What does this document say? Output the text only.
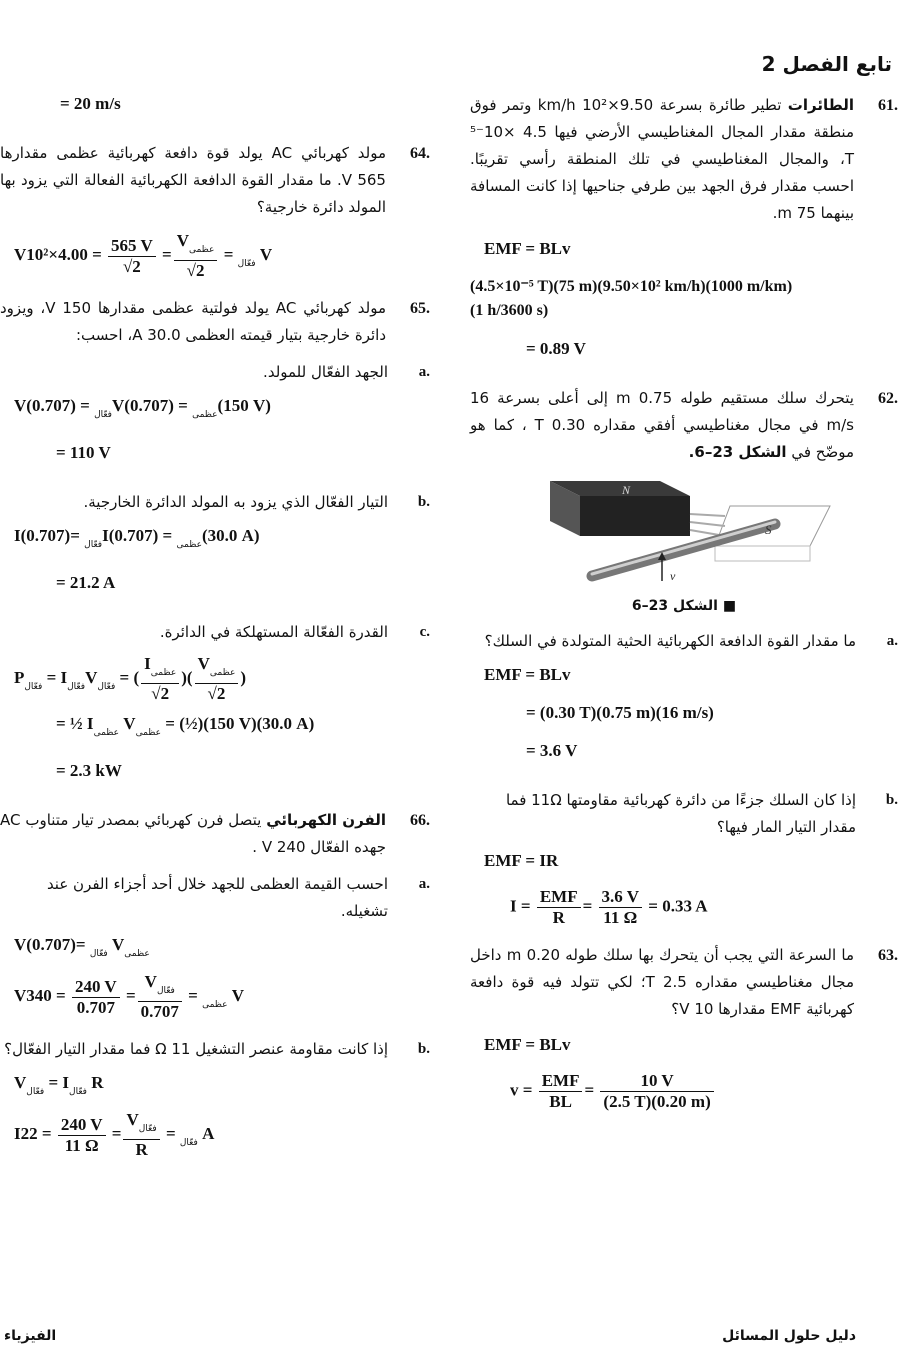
تابع الفصل 2
.61
الطائرات تطير طائرة بسرعة 9.50×10² km/h وتمر فوق منطقة مقدار المجال المغناطيسي الأرضي فيها 4.5 ×10⁻⁵ T، والمجال المغناطيسي في تلك المنطقة رأسي تقريبًا. احسب مقدار فرق الجهد بين طرفي جناحيها إذا كانت المسافة بينهما 75 m.
EMF = BLv
(4.5×10⁻⁵ T)(75 m)(9.50×10² km/h)(1000 m/km)
(1 h/3600 s)
= 0.89 V
.62
يتحرك سلك مستقيم طوله 0.75 m إلى أعلى بسرعة 16 m/s في مجال مغناطيسي أفقي مقداره 0.30 T ، كما هو موضّح في الشكل 23–6.
N
S
v
■ الشكل 23–6
.a
ما مقدار القوة الدافعة الكهربائية الحثية المتولدة في السلك؟
EMF = BLv
= (0.30 T)(0.75 m)(16 m/s)
= 3.6 V
.b
إذا كان السلك جزءًا من دائرة كهربائية مقاومتها 11Ω فما مقدار التيار المار فيها؟
EMF = IR
$I = \frac{\text{EMF}}{R} = \frac{3.6 V}{11 \Omega} = 0.33$ A
.63
ما السرعة التي يجب أن يتحرك بها سلك طوله 0.20 m داخل مجال مغناطيسي مقداره 2.5 T؛ لكي تتولد فيه قوة دافعة كهربائية EMF مقدارها 10 V؟
EMF = BLv
$v = \frac{\text{EMF}}{BL} = \frac{10 V}{(2.5 T)(0.20 m)}$
= 20 m/s
.64
مولد كهربائي AC يولد قوة دافعة كهربائية عظمى مقدارها 565 V. ما مقدار القوة الدافعة الكهربائية الفعالة التي يزود بها المولد دائرة خارجية؟
V	$_{فعّال}$ =
$\frac{V_{عظمى}}{√2}$
=
$\frac{565 V}{√2}$
= 4.00×10² V
.65
مولد كهربائي AC يولد فولتية عظمى مقدارها 150 V، ويزود دائرة خارجية بتيار قيمته العظمى 30.0 A، احسب:
.a
الجهد الفعّال للمولد.
V	$_{فعّال}$ = (0.707)V	$_{عظمى}$ = (0.707)(150 V)
= 110 V
.b
التيار الفعّال الذي يزود به المولد الدائرة الخارجية.
I	$_{فعّال}$ =(0.707)I	$_{عظمى}$ = (0.707)(30.0 A)
= 21.2 A
.c
القدرة الفعّالة المستهلكة في الدائرة.
$P_{فعّال} = I_{فعّال}V_{فعّال}$ = ( $\frac{I_{عظمى}}{√2}$ )( $\frac{V_{عظمى}}{√2}$ )
= ½ $I_{عظمى}$ $V_{عظمى}$ = (½)(150 V)(30.0 A)
= 2.3 kW
.66
الفرن الكهربائي يتصل فرن كهربائي بمصدر تيار متناوب AC جهده الفعّال 240 V .
.a
احسب القيمة العظمى للجهد خلال أحد أجزاء الفرن عند تشغيله.
V	$_{فعّال}$ =(0.707) $V_{عظمى}$
V	$_{عظمى}$ =
$\frac{V_{فعّال}}{0.707}$
=
$\frac{240 V}{0.707}$
= 340 V
.b
إذا كانت مقاومة عنصر التشغيل 11 Ω فما مقدار التيار الفعّال؟
$V_{فعّال} = I_{فعّال}$ R
I	$_{فعّال}$ =
$\frac{V_{فعّال}}{R}$
=
$\frac{240 V}{11 \Omega}$
= 22 A
دليل حلول المسائل
الفيزياء
